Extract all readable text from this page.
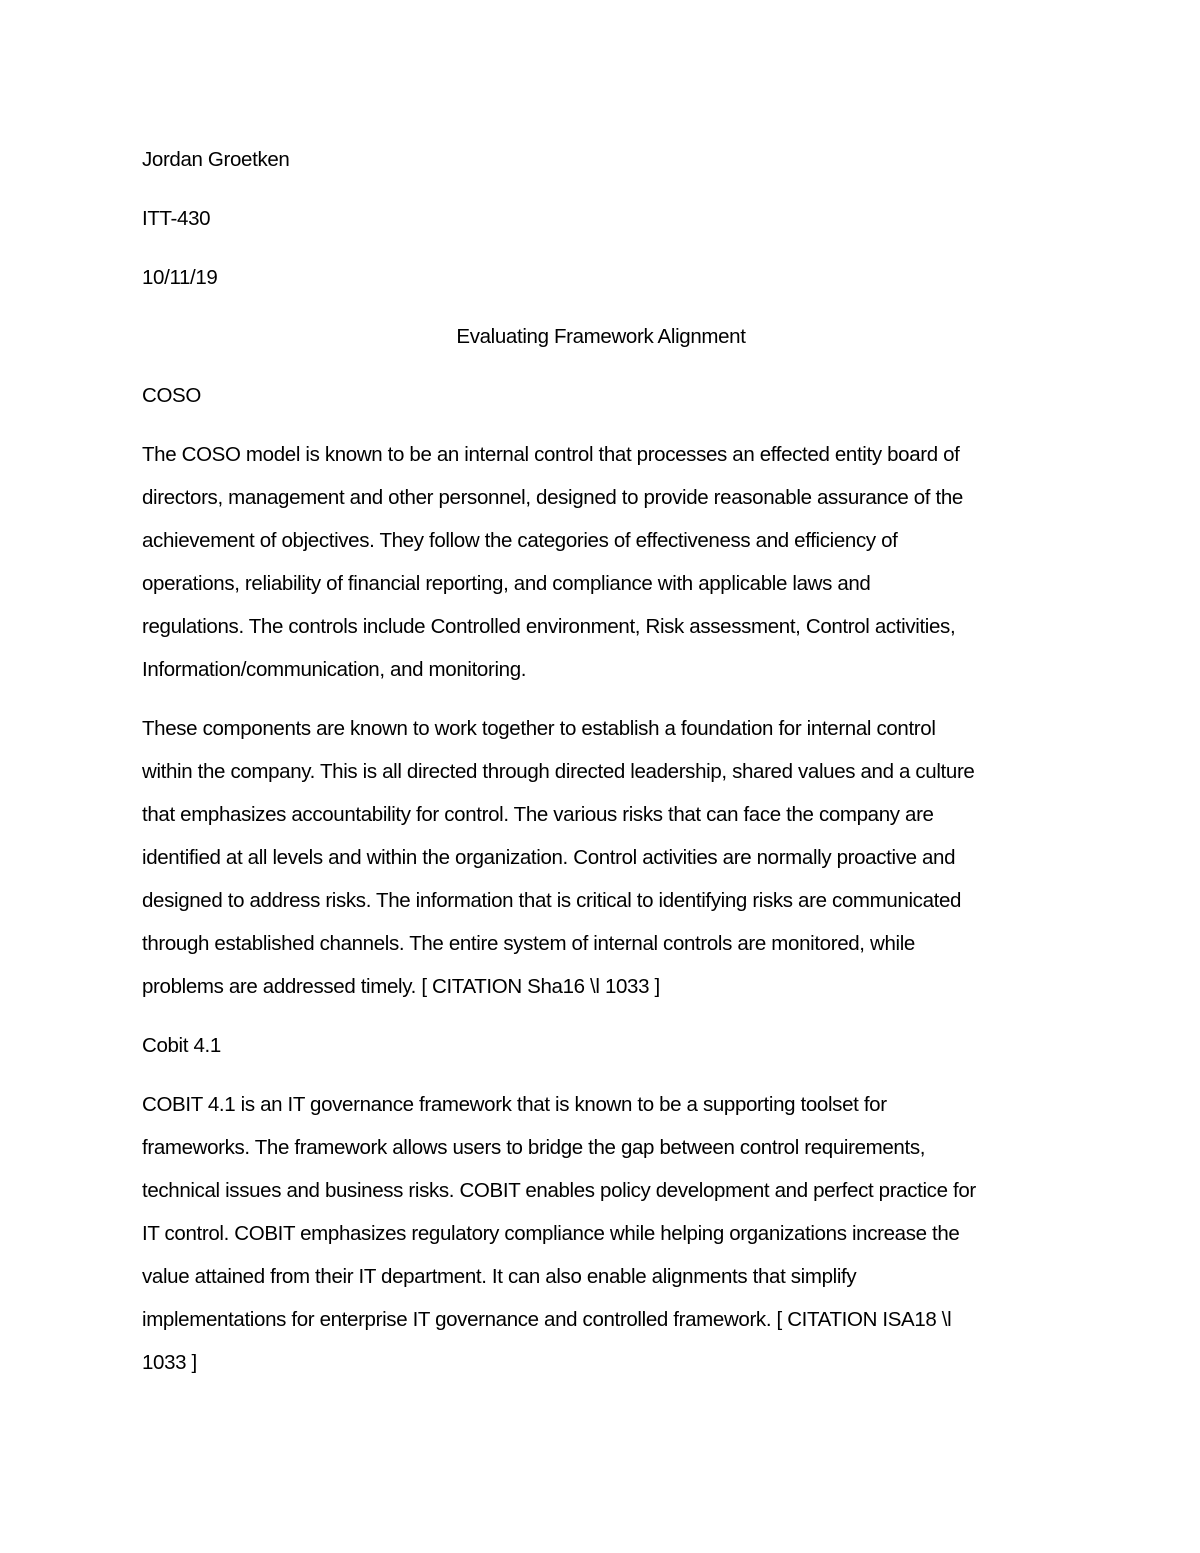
Jordan Groetken
ITT-430
10/11/19
Evaluating Framework Alignment
COSO
The COSO model is known to be an internal control that processes an effected entity board of
directors, management and other personnel, designed to provide reasonable assurance of the
achievement of objectives. They follow the categories of effectiveness and efficiency of
operations, reliability of financial reporting, and compliance with applicable laws and
regulations. The controls include Controlled environment, Risk assessment, Control activities,
Information/communication, and monitoring.
These components are known to work together to establish a foundation for internal control
within the company. This is all directed through directed leadership, shared values and a culture
that emphasizes accountability for control. The various risks that can face the company are
identified at all levels and within the organization. Control activities are normally proactive and
designed to address risks. The information that is critical to identifying risks are communicated
through established channels. The entire system of internal controls are monitored, while
problems are addressed timely. [ CITATION Sha16 \l 1033 ]
Cobit 4.1
COBIT 4.1 is an IT governance framework that is known to be a supporting toolset for
frameworks. The framework allows users to bridge the gap between control requirements,
technical issues and business risks. COBIT enables policy development and perfect practice for
IT control. COBIT emphasizes regulatory compliance while helping organizations increase the
value attained from their IT department. It can also enable alignments that simplify
implementations for enterprise IT governance and controlled framework. [ CITATION ISA18 \l
1033 ]
